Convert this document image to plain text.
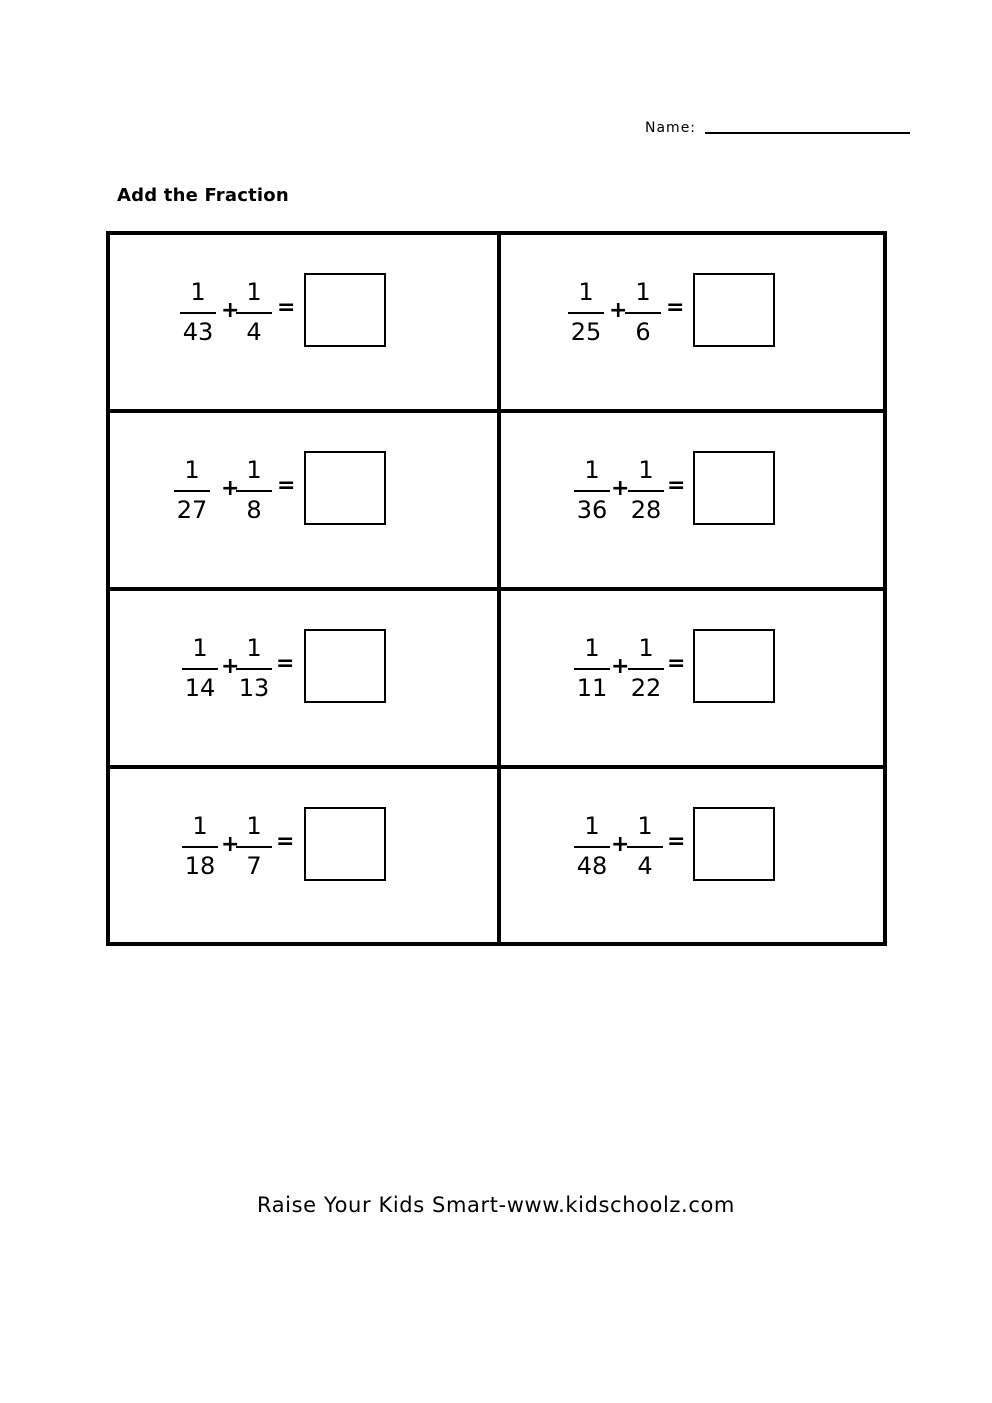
Name:
Add the Fraction
1
43
+
1
4
=
1
25
+
1
6
=
1
27
+
1
8
=
1
36
+
1
28
=
1
14
+
1
13
=
1
11
+
1
22
=
1
18
+
1
7
=
1
48
+
1
4
=
Raise Your Kids Smart-www.kidschoolz.com
